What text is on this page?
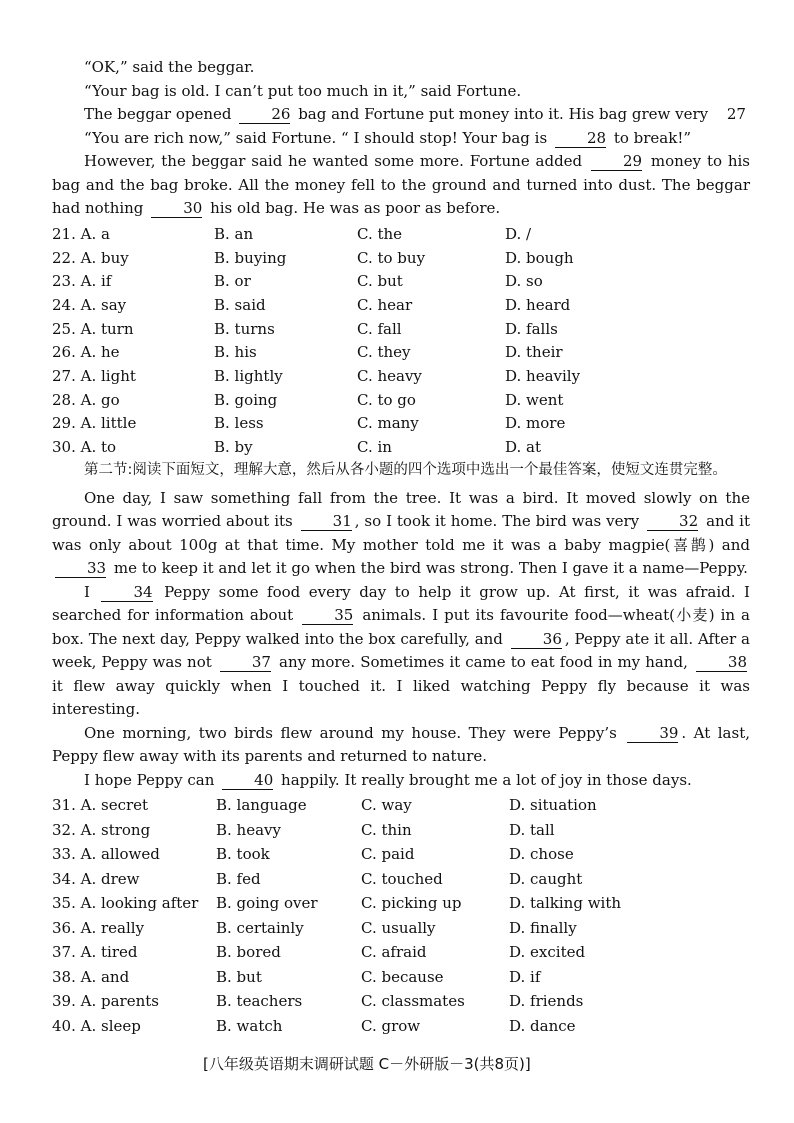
“OK,” said the beggar.

“Your bag is old. I can’t put too much in it,” said Fortune.

The beggar opened	26 bag and Fortune put money into it. His bag grew very 27

“You are rich now,” said Fortune. “ I should stop! Your bag is	28 to break!”

However, the beggar said he wanted some more. Fortune added	29 money to his bag and the bag broke. All the money fell to the ground and turned into dust. The beggar had nothing	30 his old bag. He was as poor as before.

21. A. a	B. an	C. the	D. /
22. A. buy	B. buying	C. to buy	D. bough
23. A. if	B. or	C. but	D. so
24. A. say	B. said	C. hear	D. heard
25. A. turn	B. turns	C. fall	D. falls
26. A. he	B. his	C. they	D. their
27. A. light	B. lightly	C. heavy	D. heavily
28. A. go	B. going	C. to go	D. went
29. A. little	B. less	C. many	D. more
30. A. to	B. by	C. in	D. at

第二节:阅读下面短文，理解大意，然后从各小题的四个选项中选出一个最佳答案，使短文连贯完整。

One day, I saw something fall from the tree. It was a bird. It moved slowly on the ground. I was worried about its	31 , so I took it home. The bird was very	32 and it was only about 100g at that time. My mother told me it was a baby magpie(喜鹊) and 33 me to keep it and let it go when the bird was strong. Then I gave it a name—Peppy.

I	34 Peppy some food every day to help it grow up. At first, it was afraid. I searched for information about	35 animals. I put its favourite food—wheat(小麦) in a box. The next day, Peppy walked into the box carefully, and	36 , Peppy ate it all. After a week, Peppy was not	37 any more. Sometimes it came to eat food in my hand,	38 it flew away quickly when I touched it. I liked watching Peppy fly because it was interesting.

One morning, two birds flew around my house. They were Peppy’s	39 . At last, Peppy flew away with its parents and returned to nature.

I hope Peppy can	40 happily. It really brought me a lot of joy in those days.

31. A. secret	B. language	C. way	D. situation
32. A. strong	B. heavy	C. thin	D. tall
33. A. allowed	B. took	C. paid	D. chose
34. A. drew	B. fed	C. touched	D. caught
35. A. looking after	B. going over	C. picking up	D. talking with
36. A. really	B. certainly	C. usually	D. finally
37. A. tired	B. bored	C. afraid	D. excited
38. A. and	B. but	C. because	D. if
39. A. parents	B. teachers	C. classmates	D. friends
40. A. sleep	B. watch	C. grow	D. dance
[八年级英语期末调研试题 C－外研版－3(共8页)]
